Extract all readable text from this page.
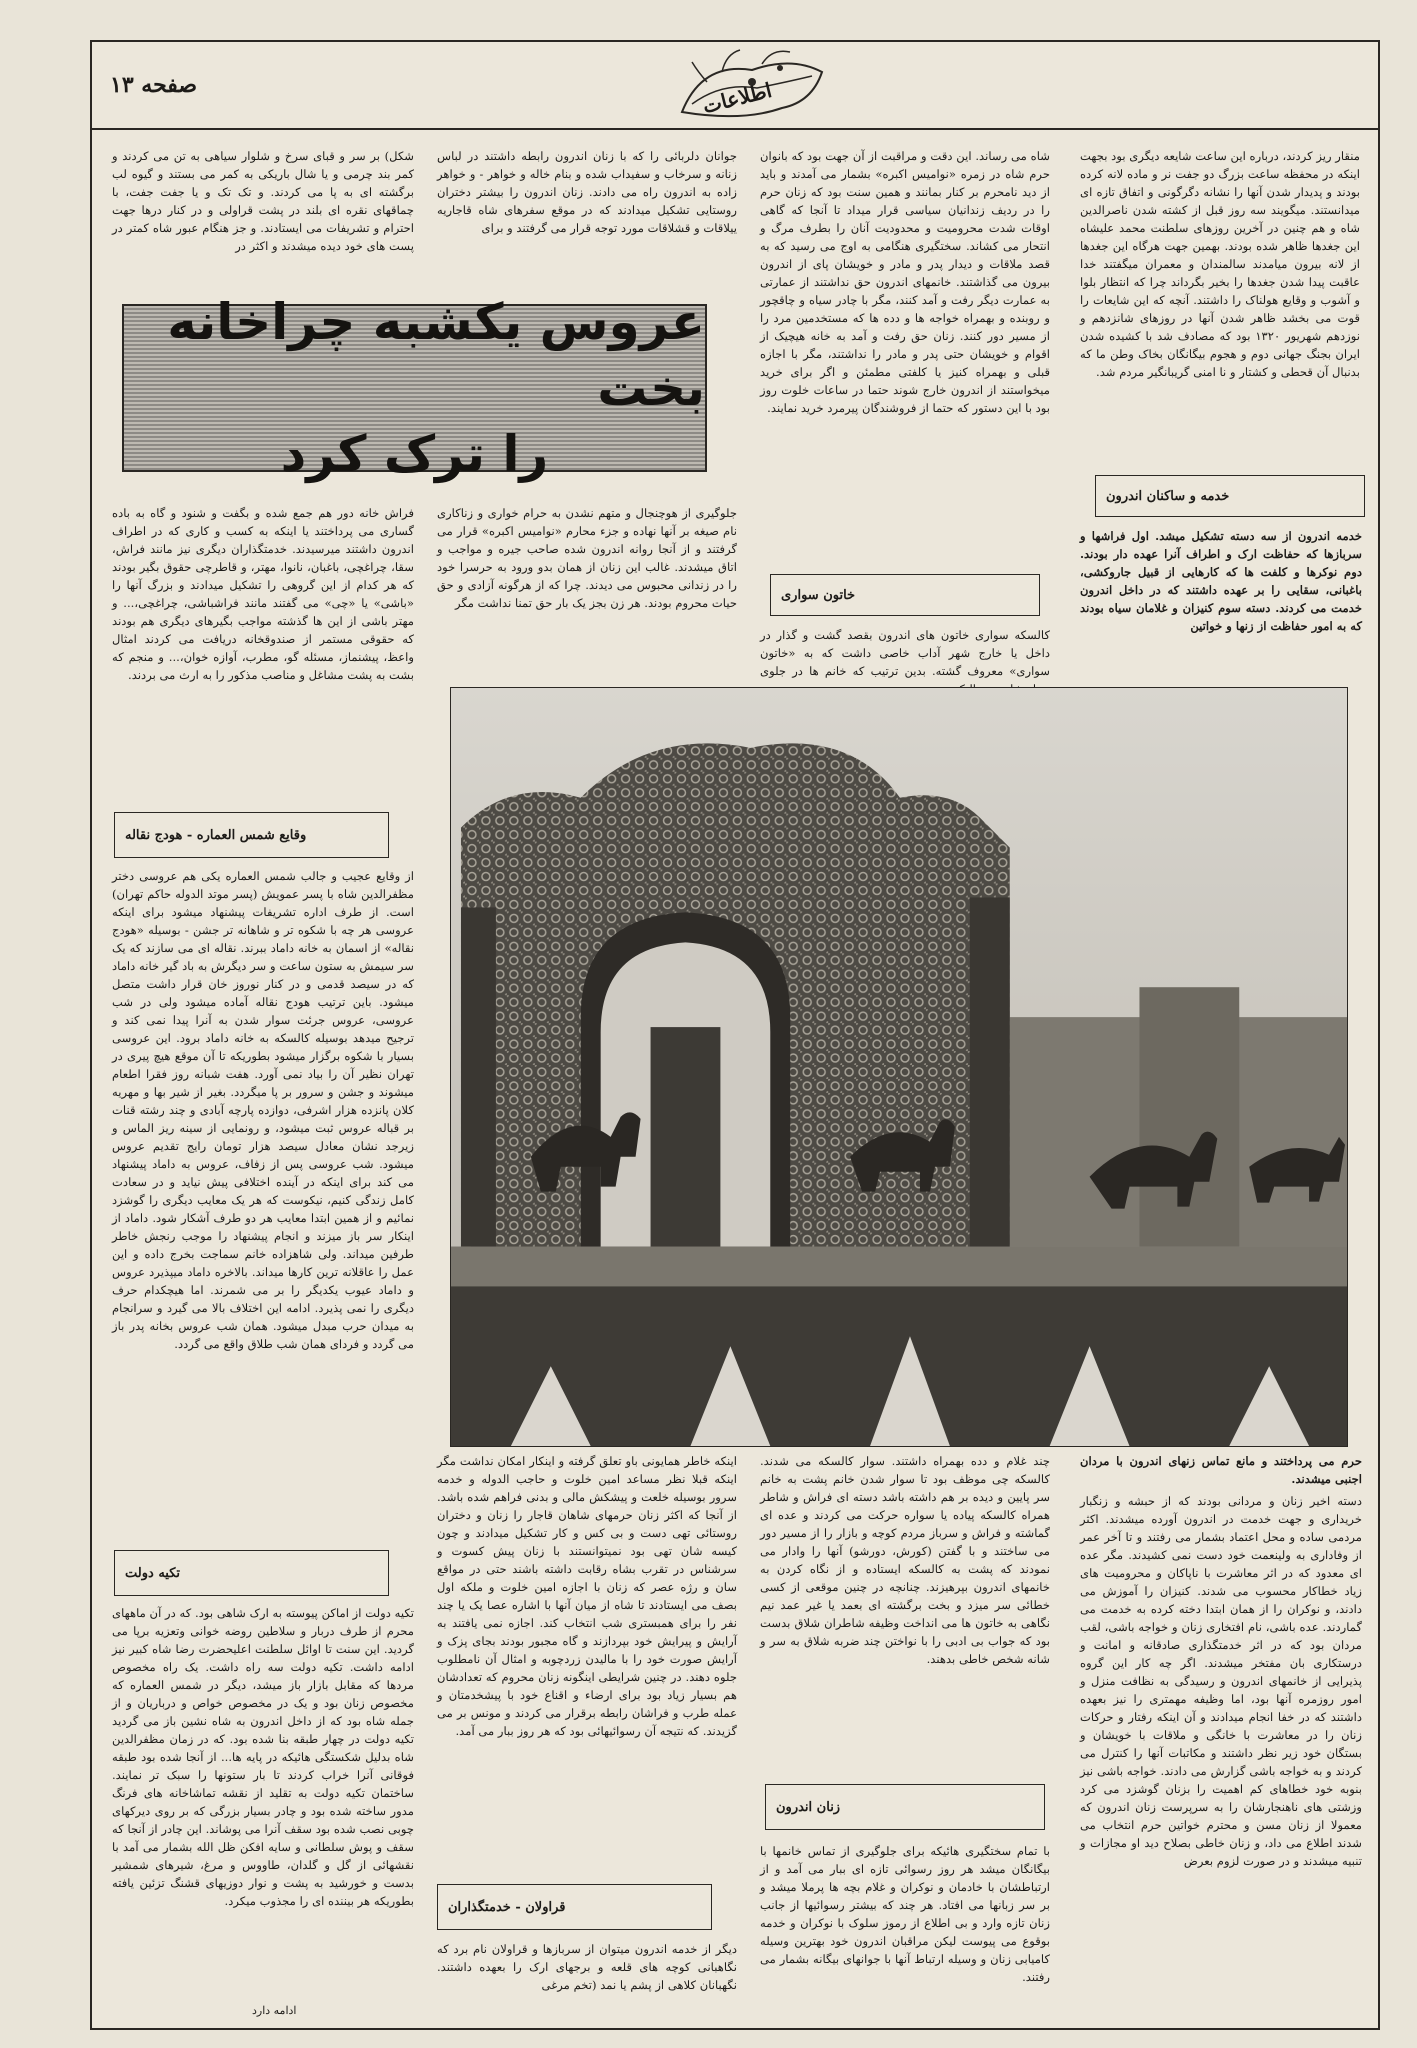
صفحه ۱۳	اطلاعات

منقار ریز کردند، درباره این ساعت شایعه دیگری بود بجهت اینکه در محفظه ساعت بزرگ دو جفت نر و ماده لانه کرده بودند و پدیدار شدن آنها را نشانه دگرگونی و اتفاق تازه ای میدانستند. میگویند سه روز قبل از کشته شدن ناصرالدین شاه و هم چنین در آخرین روزهای سلطنت محمد علیشاه این جغدها ظاهر شده بودند. بهمین جهت هرگاه این جغدها از لانه بیرون میامدند سالمندان و معمران میگفتند خدا عاقبت پیدا شدن جغدها را بخیر بگرداند چرا که انتظار بلوا و آشوب و وقایع هولناک را داشتند. آنچه که این شایعات را قوت می بخشد ظاهر شدن آنها در روزهای شانزدهم و نوزدهم شهریور ۱۳۲۰ بود که مصادف شد با کشیده شدن ایران بجنگ جهانی دوم و هجوم بیگانگان بخاک وطن ما که بدنبال آن قحطی و کشتار و نا امنی گریبانگیر مردم شد.

خدمه و ساکنان اندرون

خدمه اندرون از سه دسته تشکیل میشد. اول فراشها و سربازها که حفاظت ارک و اطراف آنرا عهده دار بودند. دوم نوکرها و کلفت ها که کارهایی از قبیل جاروکشی، باغبانی، سقایی را بر عهده داشتند که در داخل اندرون خدمت می کردند. دسته سوم کنیزان و غلامان سیاه بودند که به امور حفاظت از زنها و خواتین

حرم می پرداختند و مانع تماس زنهای اندرون با مردان اجنبی میشدند.

دسته اخیر زنان و مردانی بودند که از حبشه و زنگبار خریداری و جهت خدمت در اندرون آورده میشدند. اکثر مردمی ساده و محل اعتماد بشمار می رفتند و تا آخر عمر از وفاداری به ولینعمت خود دست نمی کشیدند. مگر عده ای معدود که در اثر معاشرت با ناپاکان و محرومیت های زیاد خطاکار محسوب می شدند. کنیزان را آموزش می دادند، و نوکران را از همان ابتدا دخته کرده به خدمت می گماردند. عده باشی، نام افتخاری زنان و خواجه باشی، لقب مردان بود که در اثر خدمتگذاری صادقانه و امانت و درستکاری بان مفتخر میشدند. اگر چه کار این گروه پذیرایی از خانمهای اندرون و رسیدگی به نظافت منزل و امور روزمره آنها بود، اما وظیفه مهمتری را نیز بعهده داشتند که در خفا انجام میدادند و آن اینکه رفتار و حرکات زنان را در معاشرت با خانگی و ملاقات با خویشان و بستگان خود زیر نظر داشتند و مکاتبات آنها را کنترل می کردند و به خواجه باشی گزارش می دادند. خواجه باشی نیز بنوبه خود خطاهای کم اهمیت را بزنان گوشزد می کرد وزشتی های ناهنجارشان را به سرپرست زنان اندرون که معمولا از زنان مسن و محترم خواتین حرم انتخاب می شدند اطلاع می داد، و زنان خاطی بصلاح دید او مجازات و تنبیه میشدند و در صورت لزوم بعرض

شاه می رساند. این دقت و مراقبت از آن جهت بود که بانوان حرم شاه در زمره «نوامیس اکبره» بشمار می آمدند و باید از دید نامحرم بر کنار بمانند و همین سنت بود که زنان حرم را در ردیف زندانیان سیاسی قرار میداد تا آنجا که گاهی اوقات شدت محرومیت و محدودیت آنان را بطرف مرگ و انتحار می کشاند. سختگیری هنگامی به اوج می رسید که به قصد ملاقات و دیدار پدر و مادر و خویشان پای از اندرون بیرون می گذاشتند. خانمهای اندرون حق نداشتند از عمارتی به عمارت دیگر رفت و آمد کنند، مگر با چادر سیاه و چاقچور و روبنده و بهمراه خواجه ها و دده ها که مستخدمین مرد را از مسیر دور کنند. زنان حق رفت و آمد به خانه هیچیک از اقوام و خویشان حتی پدر و مادر را نداشتند، مگر با اجازه قبلی و بهمراه کنیز یا کلفتی مطمئن و اگر برای خرید میخواستند از اندرون خارج شوند حتما در ساعات خلوت روز بود با این دستور که حتما از فروشندگان پیرمرد خرید نمایند.

خاتون سواری

کالسکه سواری خاتون های اندرون بقصد گشت و گذار در داخل یا خارج شهر آداب خاصی داشت که به «خاتون سواری» معروف گشته. بدین ترتیب که خانم ها در جلوی

چند غلام و دده بهمراه داشتند. سوار کالسکه می شدند. کالسکه چی موظف بود تا سوار شدن خانم پشت به خانم سر پایین و دیده بر هم داشته باشد دسته ای فراش و شاطر همراه کالسکه پیاده یا سواره حرکت می کردند و عده ای گماشته و فراش و سرباز مردم کوچه و بازار را از مسیر دور می ساختند و با گفتن (کورش، دورشو) آنها را وادار می نمودند که پشت به کالسکه ایستاده و از نگاه کردن به خانمهای اندرون بپرهیزند. چنانچه در چنین موقعی از کسی خطائی سر میزد و بخت برگشته ای بعمد یا غیر عمد نیم نگاهی به خاتون ها می انداخت وظیفه شاطران شلاق بدست بود که جواب بی ادبی را با نواختن چند ضربه شلاق به سر و شانه شخص خاطی بدهند.

زنان اندرون

با تمام سختگیری هائیکه برای جلوگیری از تماس خانمها با بیگانگان میشد هر روز رسوائی تازه ای ببار می آمد و از ارتباطشان با خادمان و نوکران و غلام بچه ها پرملا میشد و بر سر زبانها می افتاد. هر چند که بیشتر رسوائیها از جانب زنان تازه وارد و بی اطلاع از رموز سلوک با نوکران و خدمه بوقوع می پیوست لیکن مراقبان اندرون خود بهترین وسیله کامیابی زنان و وسیله ارتباط آنها با جوانهای بیگانه بشمار می رفتند.

جوانان دلربائی را که با زنان اندرون رابطه داشتند در لباس زنانه و سرخاب و سفیداب شده و بنام خاله و خواهر - و خواهر زاده به اندرون راه می دادند. زنان اندرون را بیشتر دختران روستایی تشکیل میدادند که در موقع سفرهای شاه قاجاریه ییلاقات و قشلاقات مورد توجه قرار می گرفتند و برای

جلوگیری از هوچنجال و متهم نشدن به حرام خواری و زناکاری نام صیغه بر آنها نهاده و جزء محارم «نوامیس اکبره» قرار می گرفتند و از آنجا روانه اندرون شده صاحب جیره و مواجب و اتاق میشدند. غالب این زنان از همان بدو ورود به حرسرا خود را در زندانی محبوس می دیدند. چرا که از هرگونه آزادی و حق حیات محروم بودند. هر زن بجز یک بار حق تمنا نداشت مگر

اینکه خاطر همایونی باو تعلق گرفته و اینکار امکان نداشت مگر اینکه قبلا نظر مساعد امین خلوت و حاجب الدوله و خدمه سرور بوسیله خلعت و پیشکش مالی و بدنی فراهم شده باشد. از آنجا که اکثر زنان حرمهای شاهان قاجار را زنان و دختران روستائی تهی دست و بی کس و کار تشکیل میدادند و چون کیسه شان تهی بود نمیتوانستند با زنان پیش کسوت و سرشناس در تقرب بشاه رقابت داشته باشند حتی در مواقع سان و رژه عصر که زنان با اجازه امین خلوت و ملکه اول بصف می ایستادند تا شاه از میان آنها با اشاره عصا یک یا چند نفر را برای همبستری شب انتخاب کند. اجازه نمی یافتند به آرایش و پیرایش خود بپردازند و گاه مجبور بودند بجای پزک و آرایش صورت خود را با مالیدن زردچوبه و امثال آن نامطلوب جلوه دهند. در چنین شرایطی اینگونه زنان محروم که تعدادشان هم بسیار زیاد بود برای ارضاء و اقناع خود با پیشخدمتان و عمله طرب و فراشان رابطه برقرار می کردند و مونس بر می گزیدند. که نتیجه آن رسوائیهائی بود که هر روز ببار می آمد.

قراولان - خدمتگذاران

دیگر از خدمه اندرون میتوان از سربازها و قراولان نام برد که نگاهبانی کوچه های قلعه و برجهای ارک را بعهده داشتند. نگهبانان کلاهی از پشم یا نمد (تخم مرغی

شکل) بر سر و قبای سرخ و شلوار سیاهی به تن می کردند و کمر بند چرمی و یا شال باریکی به کمر می بستند و گیوه لب برگشته ای به پا می کردند. و تک تک و یا جفت جفت، با چماقهای نقره ای بلند در پشت قراولی و در کنار درها جهت احترام و تشریفات می ایستادند. و جز هنگام عبور شاه کمتر در پست های خود دیده میشدند و اکثر در

عروس یکشبه چراخانه بخت
را ترک کرد

فراش خانه دور هم جمع شده و بگفت و شنود و گاه به باده گساری می پرداختند یا اینکه به کسب و کاری که در اطراف اندرون داشتند میرسیدند. خدمتگذاران دیگری نیز مانند فراش، سقا، چراغچی، باغبان، نانوا، مهتر، و قاطرچی حقوق بگیر بودند که هر کدام از این گروهی را تشکیل میدادند و بزرگ آنها را «باشی» یا «چی» می گفتند مانند فراشباشی، چراغچی،... و مهتر باشی از این ها گذشته مواجب بگیرهای دیگری هم بودند که حقوقی مستمر از صندوقخانه دریافت می کردند امثال واعظ، پیشنماز، مسئله گو، مطرب، آوازه خوان،... و منجم که بشت به پشت مشاغل و مناصب مذکور را به ارث می بردند.

وقایع شمس العماره - هودج نقاله

از وقایع عجیب و جالب شمس العماره یکی هم عروسی دختر مظفرالدین شاه با پسر عمویش (پسر موتد الدوله حاکم تهران) است. از طرف اداره تشریفات پیشنهاد میشود برای اینکه عروسی هر چه با شکوه تر و شاهانه تر جشن - بوسیله «هودج نقاله» از اسمان به خانه داماد ببرند. نقاله ای می سازند که یک سر سیمش به ستون ساعت و سر دیگرش به باد گیر خانه داماد که در سیصد قدمی و در کنار نوروز خان قرار داشت متصل میشود. باین ترتیب هودج نقاله آماده میشود ولی در شب عروسی، عروس جرئت سوار شدن به آنرا پیدا نمی کند و ترجیح میدهد بوسیله کالسکه به خانه داماد برود. این عروسی بسیار با شکوه برگزار میشود بطوریکه تا آن موقع هیچ پیری در تهران نظیر آن را بیاد نمی آورد. هفت شبانه روز فقرا اطعام میشوند و جشن و سرور بر پا میگردد. بغیر از شیر بها و مهریه کلان پانزده هزار اشرفی، دوازده پارچه آبادی و چند رشته قنات بر قباله عروس ثبت میشود، و رونمایی از سینه ریز الماس و زیرجد نشان معادل سیصد هزار تومان رایج تقدیم عروس میشود. شب عروسی پس از زفاف، عروس به داماد پیشنهاد می کند برای اینکه در آینده اختلافی پیش نیاید و در سعادت کامل زندگی کنیم، نیکوست که هر یک معایب دیگری را گوشزد نمائیم و از همین ابتدا معایب هر دو طرف آشکار شود. داماد از اینکار سر باز میزند و انجام پیشنهاد را موجب رنجش خاطر طرفین میداند. ولی شاهزاده خانم سماجت بخرج داده و این عمل را عاقلانه ترین کارها میداند. بالاخره داماد میپذیرد عروس و داماد عیوب یکدیگر را بر می شمرند. اما هیچکدام حرف دیگری را نمی پذیرد. ادامه این اختلاف بالا می گیرد و سرانجام به میدان حرب مبدل میشود. همان شب عروس بخانه پدر باز می گردد و فردای همان شب طلاق واقع می گردد.

تکیه دولت

تکیه دولت از اماکن پیوسته به ارک شاهی بود. که در آن ماههای محرم از طرف دربار و سلاطین روضه خوانی وتعزیه برپا می گردید. این سنت تا اوائل سلطنت اعلیحضرت رضا شاه کبیر نیز ادامه داشت. تکیه دولت سه راه داشت. یک راه مخصوص مردها که مقابل بازار باز میشد، دیگر در شمس العماره که مخصوص زنان بود و یک در مخصوص خواص و درباریان و از جمله شاه بود که از داخل اندرون به شاه نشین باز می گردید تکیه دولت در چهار طبقه بنا شده بود. که در زمان مظفرالدین شاه بدلیل شکستگی هائیکه در پایه ها... از آنجا شده بود طبقه فوقانی آنرا خراب کردند تا بار ستونها را سبک تر نمایند. ساختمان تکیه دولت به تقلید از نقشه تماشاخانه های فرنگ مدور ساخته شده بود و چادر بسیار بزرگی که بر روی دیرکهای چوبی نصب شده بود سقف آنرا می پوشاند. این چادر از آنجا که سقف و پوش سلطانی و سایه افکن ظل الله بشمار می آمد با نقشهائی از گل و گلدان، طاووس و مرغ، شیرهای شمشیر بدست و خورشید به پشت و نوار دوزیهای قشنگ تزئین یافته بطوریکه هر بیننده ای را مجذوب میکرد.

ادامه دارد
